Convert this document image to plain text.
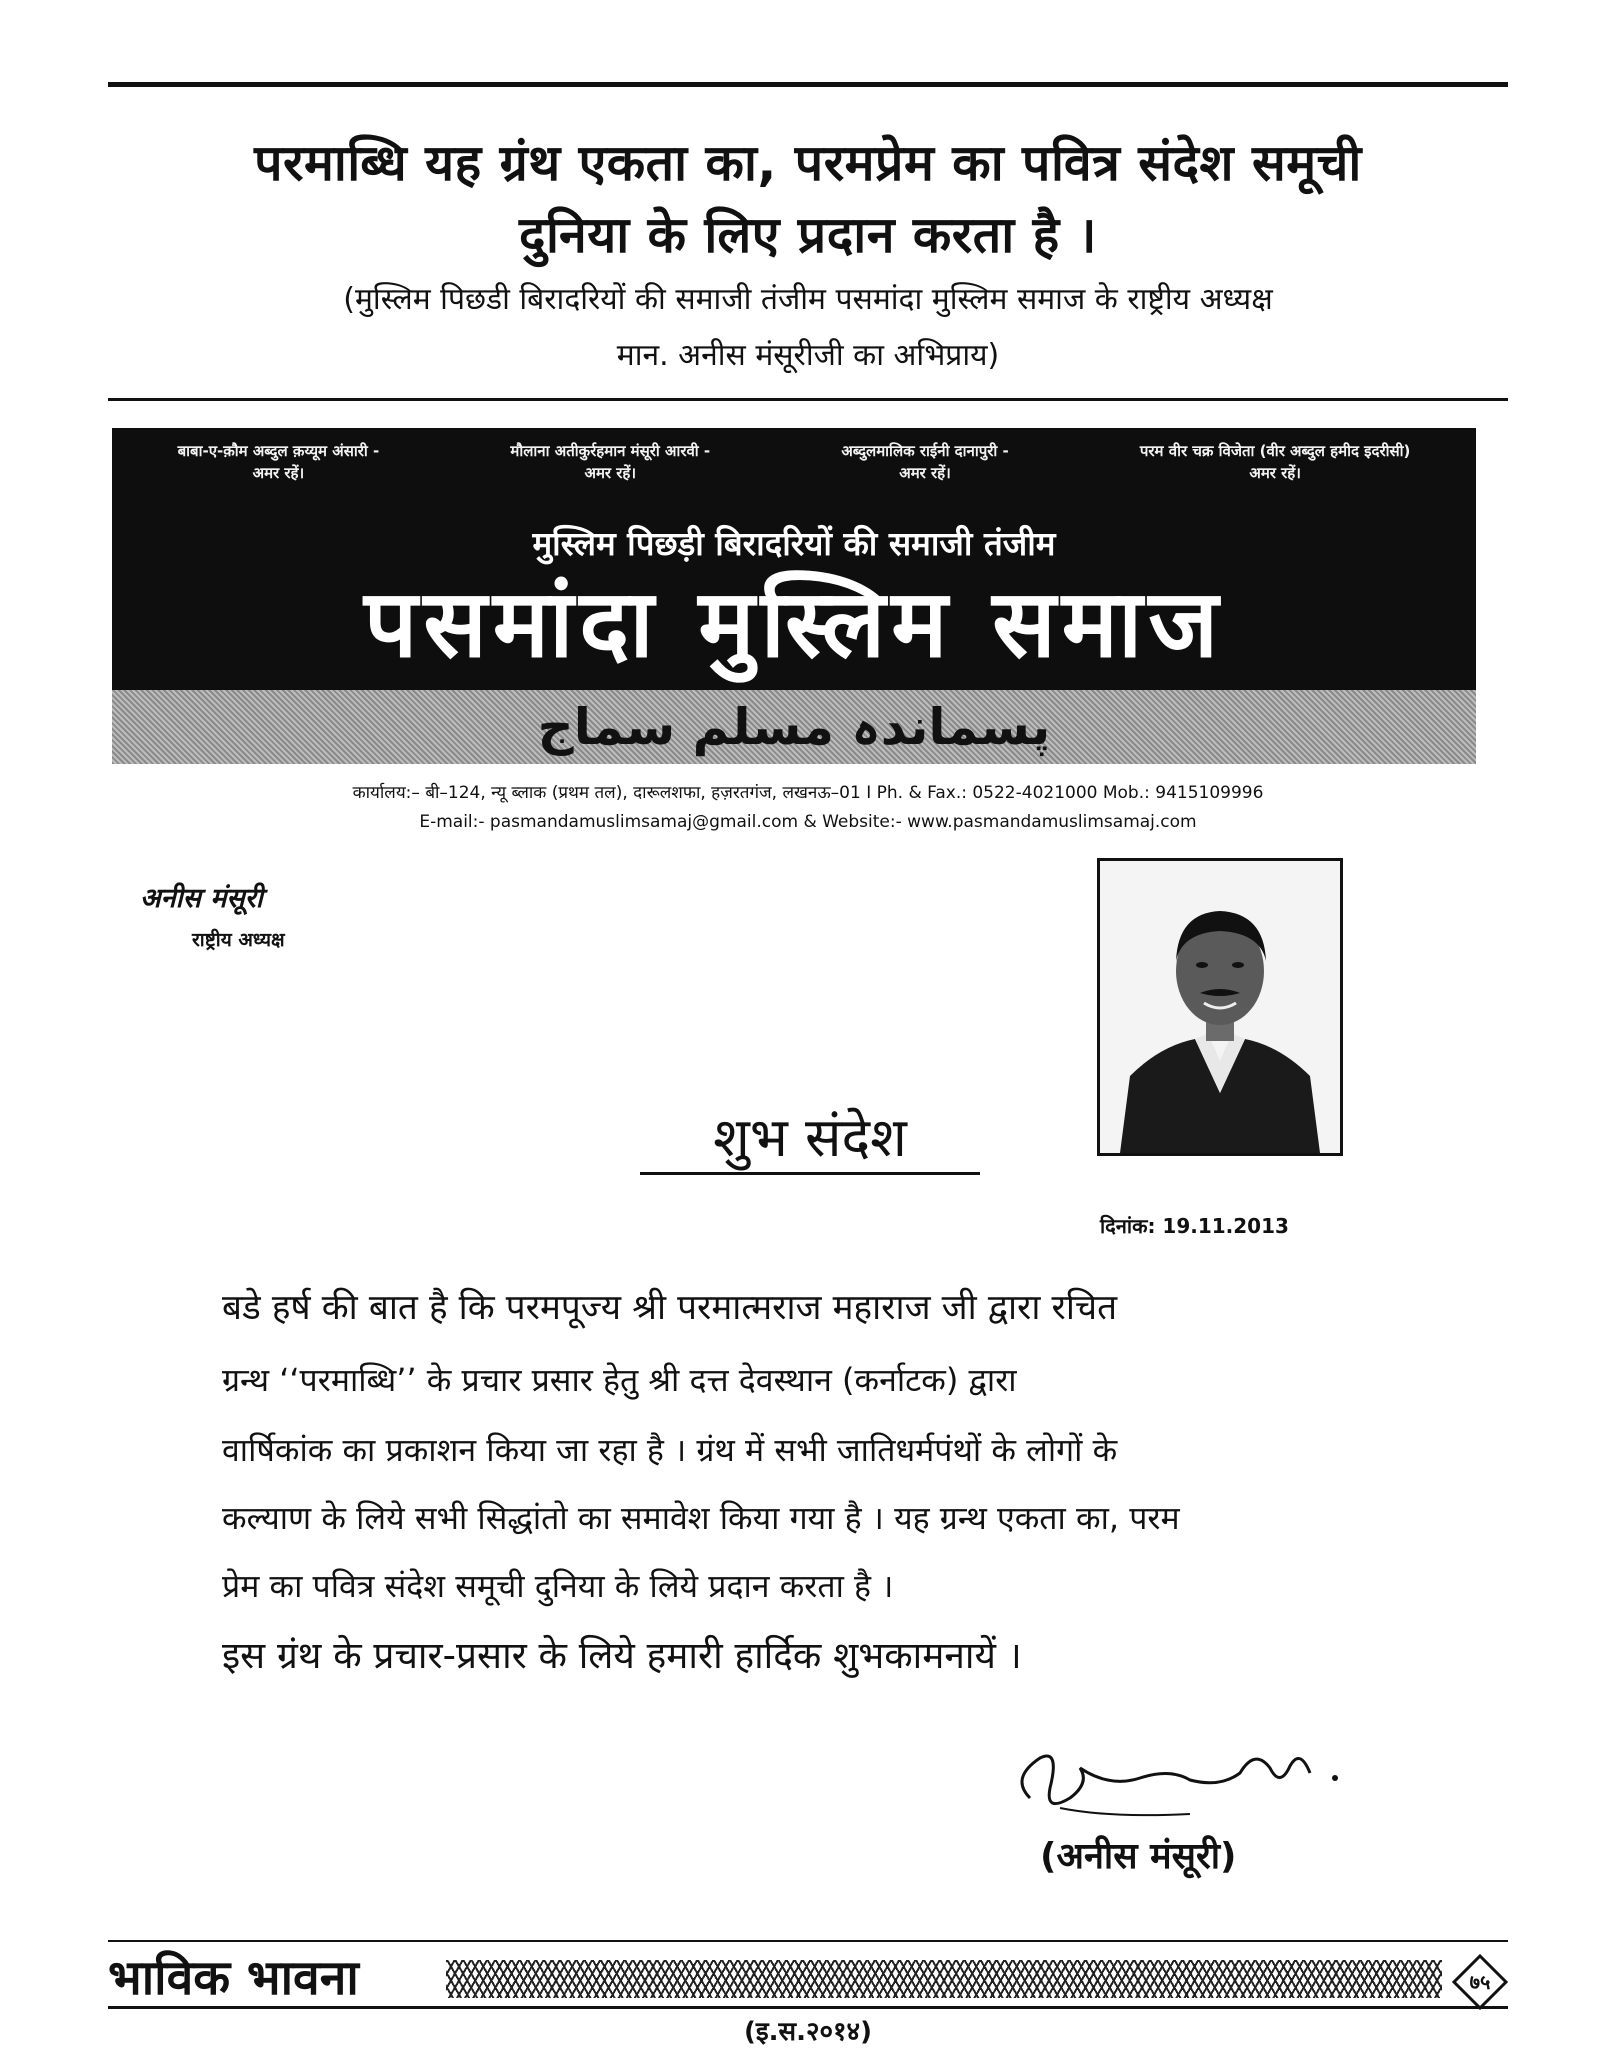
परमाब्धि यह ग्रंथ एकता का, परमप्रेम का पवित्र संदेश समूची
दुनिया के लिए प्रदान करता है ।
(मुस्लिम पिछडी बिरादरियों की समाजी तंजीम पसमांदा मुस्लिम समाज के राष्ट्रीय अध्यक्ष
मान. अनीस मंसूरीजी का अभिप्राय)
बाबा-ए-क़ौम अब्दुल क़य्यूम अंसारी -
अमर रहें।
मौलाना अतीकुर्रहमान मंसूरी आरवी -
अमर रहें।
अब्दुलमालिक राईनी दानापुरी -
अमर रहें।
परम वीर चक्र विजेता (वीर अब्दुल हमीद इदरीसी)
अमर रहें।
मुस्लिम पिछड़ी बिरादरियों की समाजी तंजीम
पसमांदा मुस्लिम समाज
پسماندہ مسلم سماج
कार्यालय:– बी–124, न्यू ब्लाक (प्रथम तल), दारूलशफा, हज़रतगंज, लखनऊ–01 I Ph. & Fax.: 0522-4021000 Mob.: 9415109996
E-mail:- pasmandamuslimsamaj@gmail.com & Website:- www.pasmandamuslimsamaj.com
अनीस मंसूरी
राष्ट्रीय अध्यक्ष
शुभ संदेश
दिनांक: 19.11.2013
बडे हर्ष की बात है कि परमपूज्य श्री परमात्मराज महाराज जी द्वारा रचित
ग्रन्थ ‘‘परमाब्धि’’ के प्रचार प्रसार हेतु श्री दत्त देवस्थान (कर्नाटक) द्वारा
वार्षिकांक का प्रकाशन किया जा रहा है । ग्रंथ में सभी जातिधर्मपंथों के लोगों के
कल्याण के लिये सभी सिद्धांतो का समावेश किया गया है । यह ग्रन्थ एकता का, परम
प्रेम का पवित्र संदेश समूची दुनिया के लिये प्रदान करता है ।
इस ग्रंथ के प्रचार-प्रसार के लिये हमारी हार्दिक शुभकामनायें ।
(अनीस मंसूरी)
भाविक भावना	७५
(इ.स.२०१४)
